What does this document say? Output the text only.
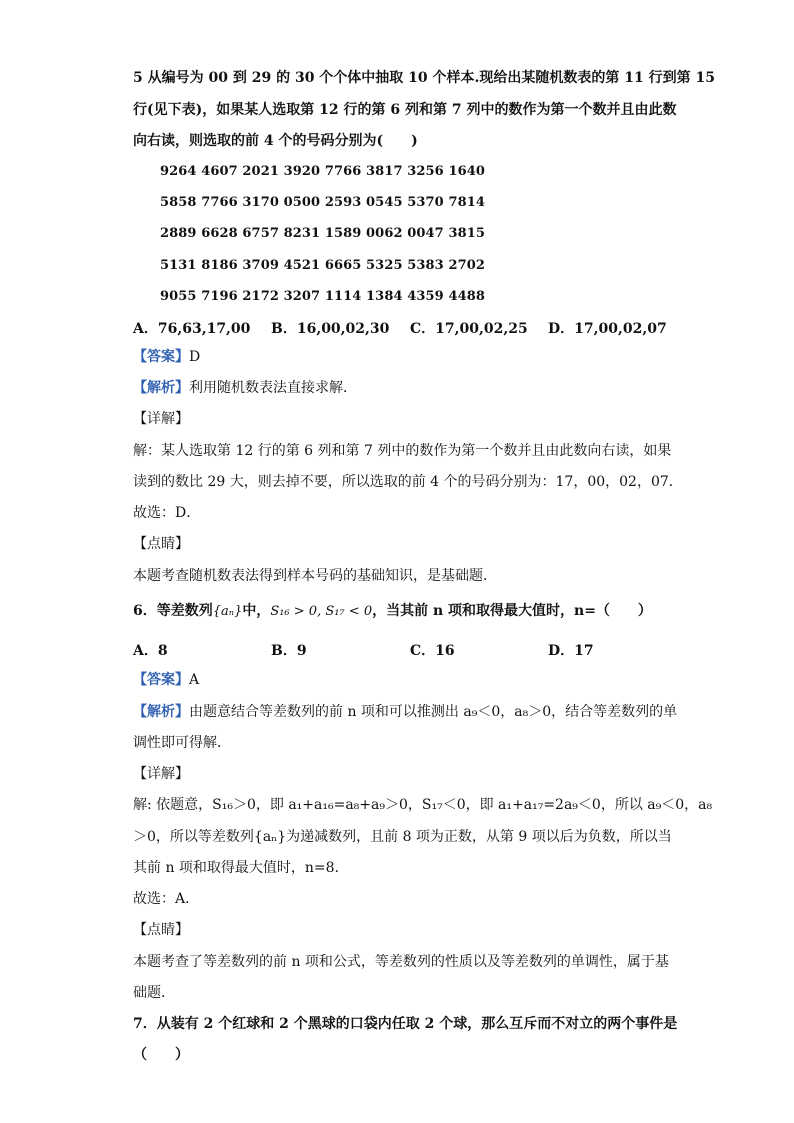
5 从编号为 00 到 29 的 30 个个体中抽取 10 个样本.现给出某随机数表的第 11 行到第 15
行(见下表)，如果某人选取第 12 行的第 6 列和第 7 列中的数作为第一个数并且由此数
向右读，则选取的前 4 个的号码分别为(　　)
9264 4607 2021 3920 7766 3817 3256 1640
5858 7766 3170 0500 2593 0545 5370 7814
2889 6628 6757 8231 1589 0062 0047 3815
5131 8186 3709 4521 6665 5325 5383 2702
9055 7196 2172 3207 1114 1384 4359 4488
A．76,63,17,00 B．16,00,02,30 C．17,00,02,25 D．17,00,02,07
【答案】D
【解析】利用随机数表法直接求解．
【详解】
解：某人选取第 12 行的第 6 列和第 7 列中的数作为第一个数并且由此数向右读，如果
读到的数比 29 大，则去掉不要，所以选取的前 4 个的号码分别为：17，00，02，07．
故选：D．
【点睛】
本题考查随机数表法得到样本号码的基础知识，是基础题．
6．等差数列{aₙ}中，S₁₆ > 0, S₁₇ < 0，当其前 n 项和取得最大值时，n=（　　）
A．8	B．9	C．16	D．17
【答案】A
【解析】由题意结合等差数列的前 n 项和可以推测出 a₉＜0，a₈＞0，结合等差数列的单
调性即可得解．
【详解】
解: 依题意，S₁₆＞0，即 a₁+a₁₆=a₈+a₉＞0，S₁₇＜0，即 a₁+a₁₇=2a₉＜0，所以 a₉＜0，a₈
＞0，所以等差数列{aₙ}为递减数列，且前 8 项为正数，从第 9 项以后为负数，所以当
其前 n 项和取得最大值时，n=8．
故选：A．
【点睛】
本题考查了等差数列的前 n 项和公式，等差数列的性质以及等差数列的单调性，属于基
础题．
7．从装有 2 个红球和 2 个黑球的口袋内任取 2 个球，那么互斥而不对立的两个事件是
（　　）
